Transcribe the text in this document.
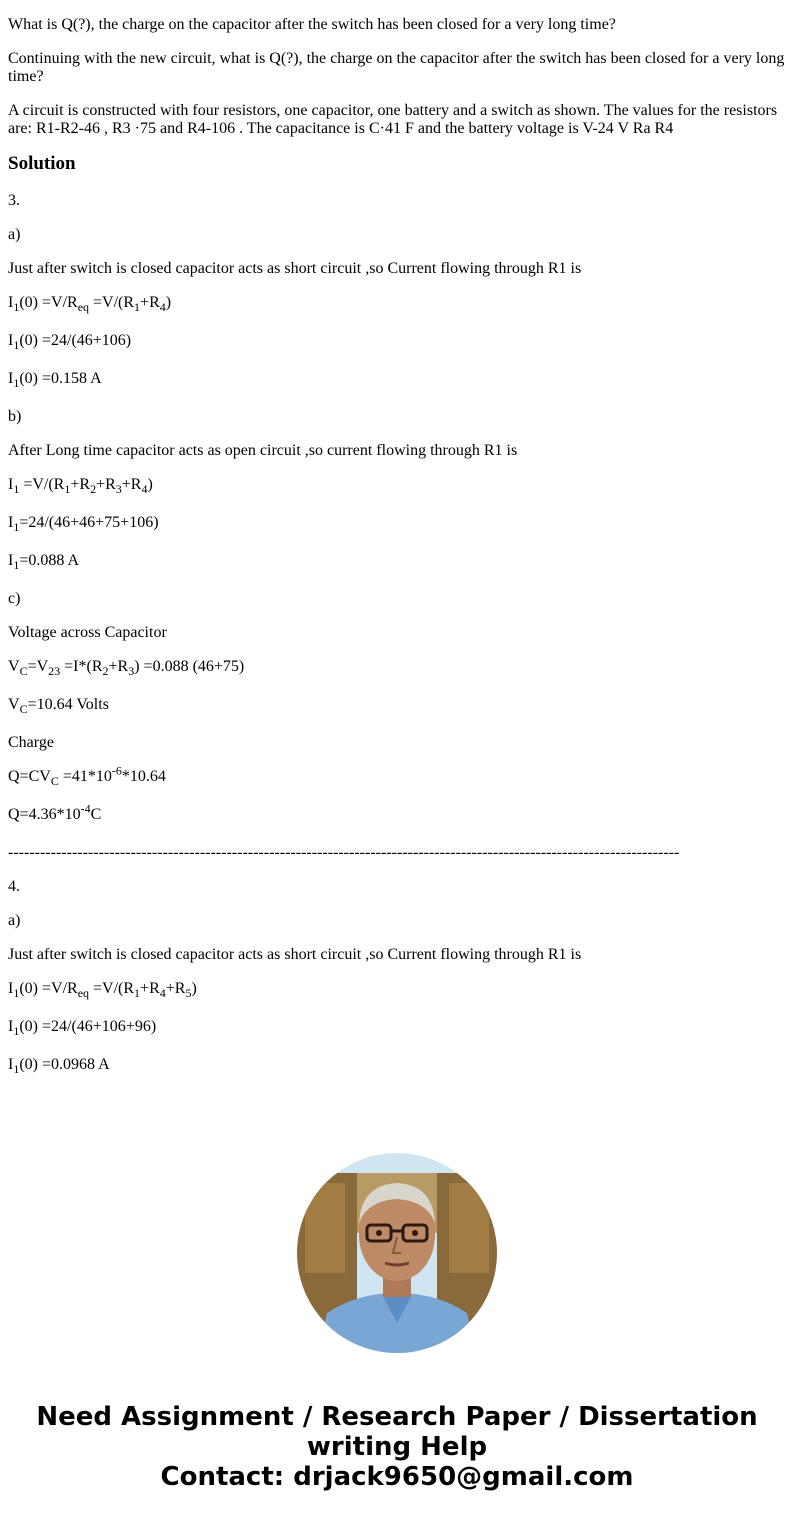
What is Q(?), the charge on the capacitor after the switch has been closed for a very long time?

Continuing with the new circuit, what is Q(?), the charge on the capacitor after the switch has been closed for a very long time?

A circuit is constructed with four resistors, one capacitor, one battery and a switch as shown. The values for the resistors are: R1-R2-46 , R3 ·75 and R4-106 . The capacitance is C·41 F and the battery voltage is V-24 V Ra R4

Solution

3.

a)

Just after switch is closed capacitor acts as short circuit ,so Current flowing through R1 is

$I_1(0) =V/R_{eq} =V/(R_1+R_4)$

$I_1(0) =24/(46+106)$

$I_1(0) =0.158$ A

b)

After Long time capacitor acts as open circuit ,so current flowing through R1 is

$I_1 =V/(R_1+R_2+R_3+R_4)$

$I_1=24/(46+46+75+106)$

$I_1=0.088$ A

c)

Voltage across Capacitor

$V_C=V_{23} =I*(R_2+R_3) =0.088$ (46+75)

$V_C=10.64$ Volts

Charge

$Q=CV_C =41*10^{-6}*10.64$

$Q=4.36*10^{-4}C$

------------------------------------------------------------------------------------------------------------------------------

4.

a)

Just after switch is closed capacitor acts as short circuit ,so Current flowing through R1 is

$I_1(0) =V/R_{eq} =V/(R_1+R_4+R_5)$

$I_1(0) =24/(46+106+96)$

$I_1(0) =0.0968$ A

Need Assignment / Research Paper / Dissertation
writing Help
Contact: drjack9650@gmail.com
